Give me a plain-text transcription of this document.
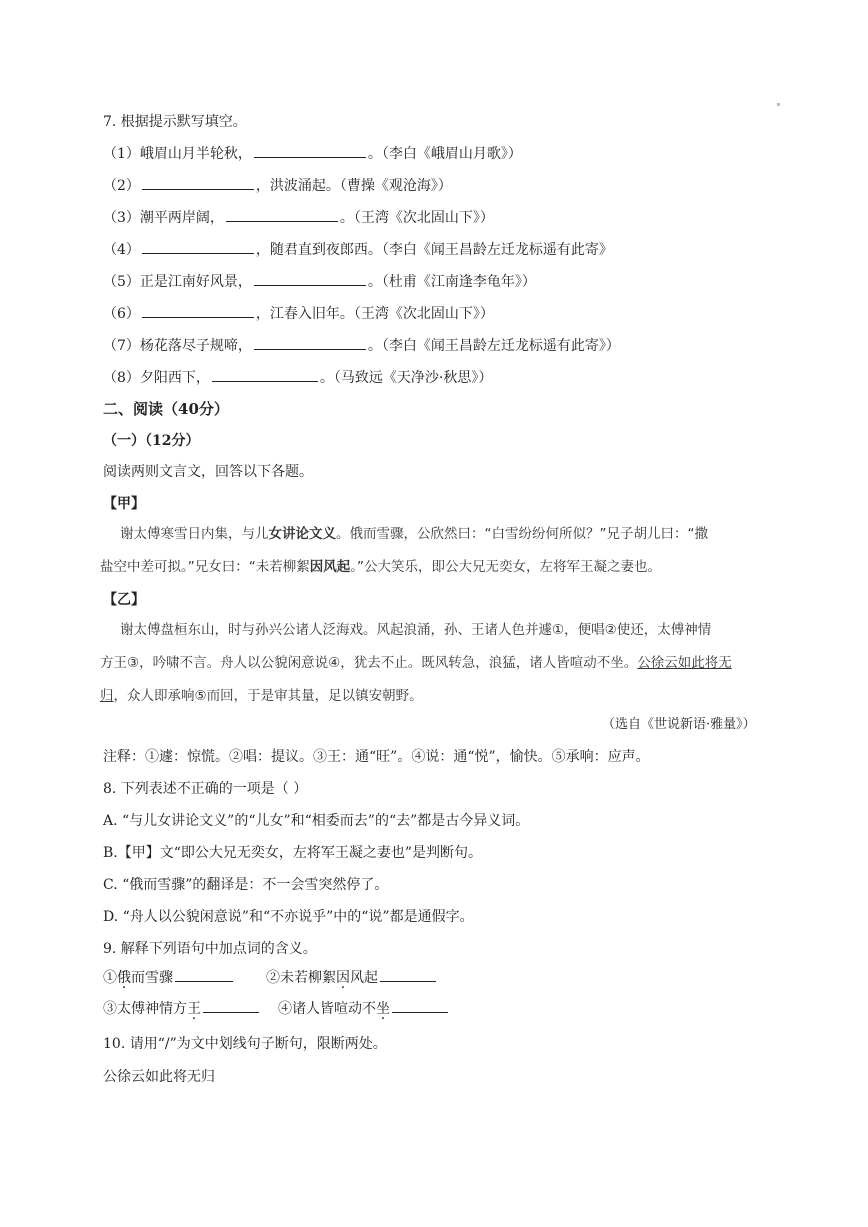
7. 根据提示默写填空。
（1）峨眉山月半轮秋，	。（李白《峨眉山月歌》）
（2）	，洪波涌起。（曹操《观沧海》）
（3）潮平两岸阔，	。（王湾《次北固山下》）
（4）	，随君直到夜郎西。（李白《闻王昌龄左迁龙标遥有此寄》
（5）正是江南好风景，	。（杜甫《江南逢李龟年》）
（6）	，江春入旧年。（王湾《次北固山下》）
（7）杨花落尽子规啼，	。（李白《闻王昌龄左迁龙标遥有此寄》）
（8）夕阳西下，	。（马致远《天净沙·秋思》）
二、阅读（40分）
（一）（12分）
阅读两则文言文，回答以下各题。
【甲】
谢太傅寒雪日内集，与儿女讲论文义。俄而雪骤，公欣然曰：“白雪纷纷何所似？”兄子胡儿曰：“撒
盐空中差可拟。”兄女曰：“未若柳絮因风起。”公大笑乐，即公大兄无奕女，左将军王凝之妻也。
【乙】
谢太傅盘桓东山，时与孙兴公诸人泛海戏。风起浪涌，孙、王诸人色并遽①，便唱②使还，太傅神情
方王③，吟啸不言。舟人以公貌闲意说④，犹去不止。既风转急，浪猛，诸人皆喧动不坐。公徐云如此将无
归，众人即承响⑤而回，于是审其量，足以镇安朝野。
（选自《世说新语·雅量》）
注释：①遽：惊慌。②唱：提议。③王：通“旺”。④说：通“悦”，愉快。⑤承响：应声。
8. 下列表述不正确的一项是（ ）
A. “与儿女讲论文义”的“儿女”和“相委而去”的“去”都是古今异义词。
B.【甲】文“即公大兄无奕女，左将军王凝之妻也”是判断句。
C. “俄而雪骤”的翻译是：不一会雪突然停了。
D. “舟人以公貌闲意说”和“不亦说乎”中的“说”都是通假字。
9. 解释下列语句中加点词的含义。
①俄而雪骤	②未若柳絮因风起
③太傅神情方王	④诸人皆喧动不坐
10. 请用“/”为文中划线句子断句，限断两处。
公徐云如此将无归
